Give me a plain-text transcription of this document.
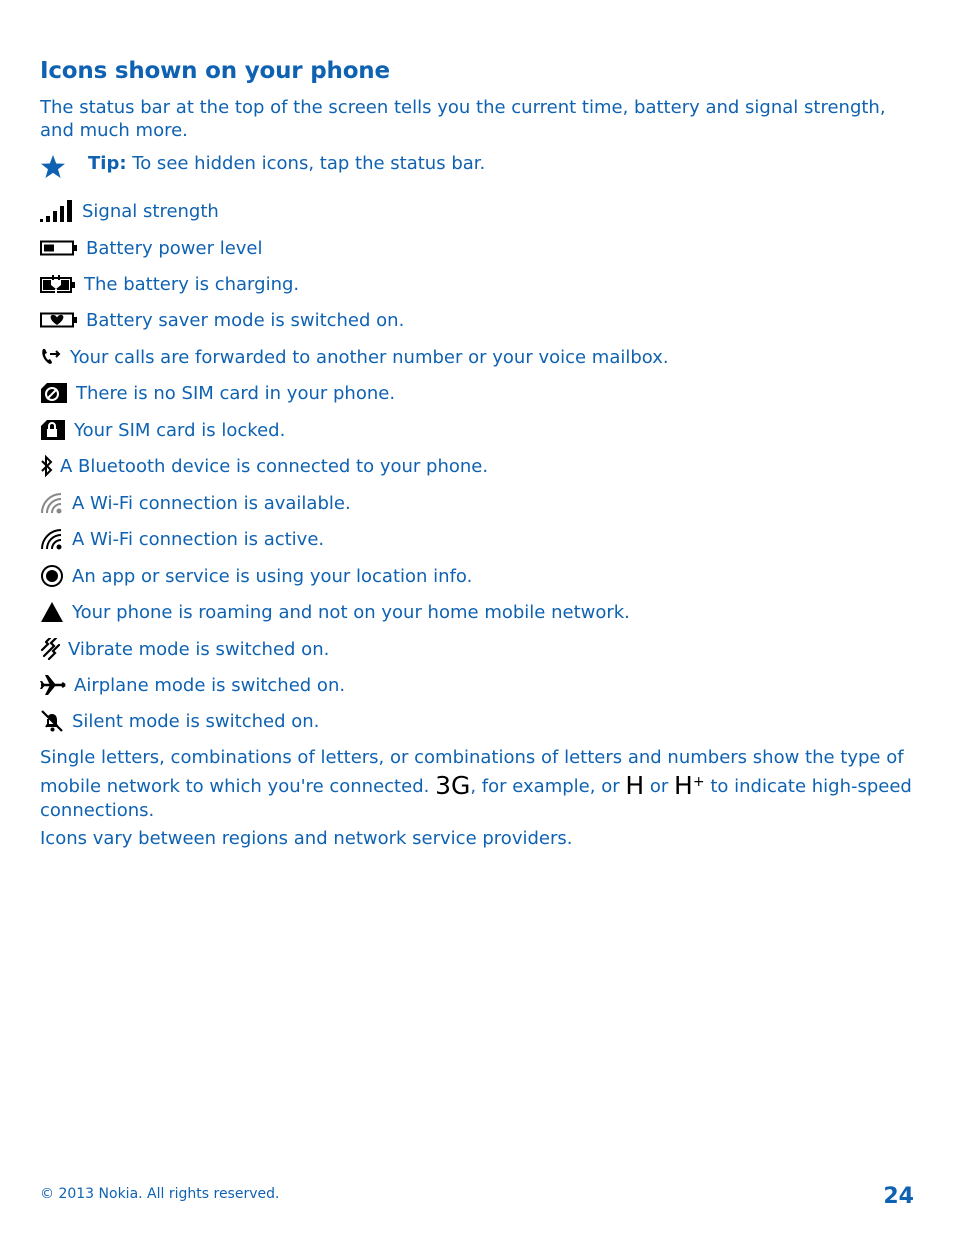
Icons shown on your phone
The status bar at the top of the screen tells you the current time, battery and signal strength, and much more.
Tip: To see hidden icons, tap the status bar.
Signal strength
Battery power level
The battery is charging.
Battery saver mode is switched on.
Your calls are forwarded to another number or your voice mailbox.
There is no SIM card in your phone.
Your SIM card is locked.
A Bluetooth device is connected to your phone.
A Wi-Fi connection is available.
A Wi-Fi connection is active.
An app or service is using your location info.
Your phone is roaming and not on your home mobile network.
Vibrate mode is switched on.
Airplane mode is switched on.
Silent mode is switched on.
Single letters, combinations of letters, or combinations of letters and numbers show the type of mobile network to which you're connected. 3G, for example, or H or H+ to indicate high-speed connections.
Icons vary between regions and network service providers.
© 2013 Nokia. All rights reserved.	24
